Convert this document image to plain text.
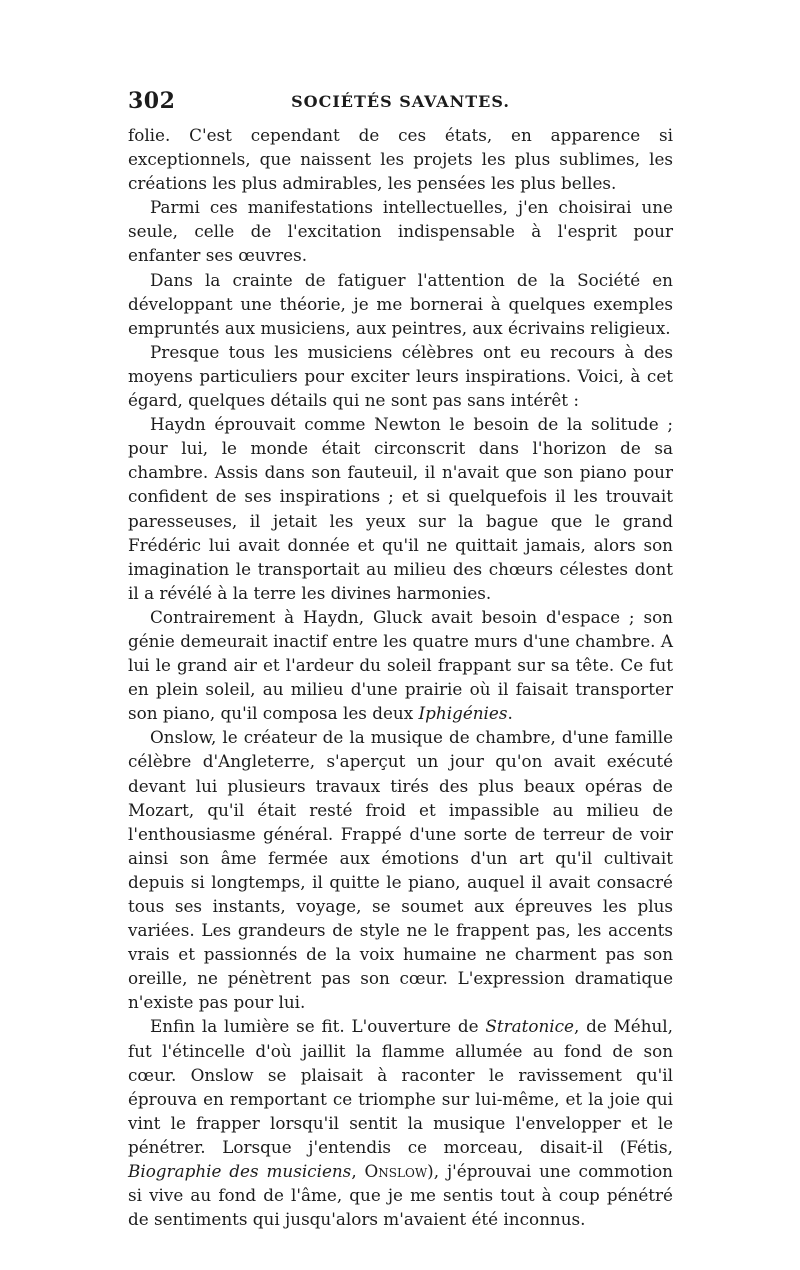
302	SOCIÉTÉS SAVANTES.

folie. C'est cependant de ces états, en apparence si exceptionnels, que naissent les projets les plus sublimes, les créations les plus admirables, les pensées les plus belles.

Parmi ces manifestations intellectuelles, j'en choisirai une seule, celle de l'excitation indispensable à l'esprit pour enfanter ses œuvres.

Dans la crainte de fatiguer l'attention de la Société en développant une théorie, je me bornerai à quelques exemples empruntés aux musiciens, aux peintres, aux écrivains religieux.

Presque tous les musiciens célèbres ont eu recours à des moyens particuliers pour exciter leurs inspirations. Voici, à cet égard, quelques détails qui ne sont pas sans intérêt :

Haydn éprouvait comme Newton le besoin de la solitude ; pour lui, le monde était circonscrit dans l'horizon de sa chambre. Assis dans son fauteuil, il n'avait que son piano pour confident de ses inspirations ; et si quelquefois il les trouvait paresseuses, il jetait les yeux sur la bague que le grand Frédéric lui avait donnée et qu'il ne quittait jamais, alors son imagination le transportait au milieu des chœurs célestes dont il a révélé à la terre les divines harmonies.

Contrairement à Haydn, Gluck avait besoin d'espace ; son génie demeurait inactif entre les quatre murs d'une chambre. A lui le grand air et l'ardeur du soleil frappant sur sa tête. Ce fut en plein soleil, au milieu d'une prairie où il faisait transporter son piano, qu'il composa les deux Iphigénies.

Onslow, le créateur de la musique de chambre, d'une famille célèbre d'Angleterre, s'aperçut un jour qu'on avait exécuté devant lui plusieurs travaux tirés des plus beaux opéras de Mozart, qu'il était resté froid et impassible au milieu de l'enthousiasme général. Frappé d'une sorte de terreur de voir ainsi son âme fermée aux émotions d'un art qu'il cultivait depuis si longtemps, il quitte le piano, auquel il avait consacré tous ses instants, voyage, se soumet aux épreuves les plus variées. Les grandeurs de style ne le frappent pas, les accents vrais et passionnés de la voix humaine ne charment pas son oreille, ne pénètrent pas son cœur. L'expression dramatique n'existe pas pour lui.

Enfin la lumière se fit. L'ouverture de Stratonice, de Méhul, fut l'étincelle d'où jaillit la flamme allumée au fond de son cœur. Onslow se plaisait à raconter le ravissement qu'il éprouva en remportant ce triomphe sur lui-même, et la joie qui vint le frapper lorsqu'il sentit la musique l'envelopper et le pénétrer. Lorsque j'entendis ce morceau, disait-il (Fétis, Biographie des musiciens, Onslow), j'éprouvai une commotion si vive au fond de l'âme, que je me sentis tout à coup pénétré de sentiments qui jusqu'alors m'avaient été inconnus.
